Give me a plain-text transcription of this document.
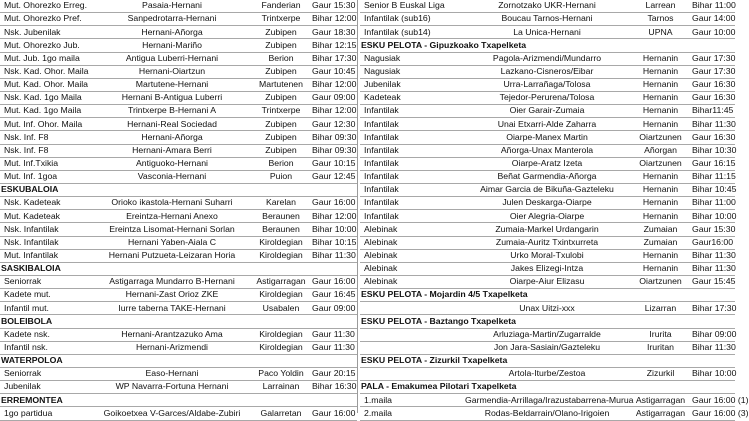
Mut. Ohorezko Erreg.	Pasaia-Hernani	Fanderian	Gaur 15:30
Mut. Ohorezko Pref.	Sanpedrotarra-Hernani	Trintxerpe	Bihar 12:00
Nsk. Jubenilak	Hernani-Añorga	Zubipen	Gaur 18:30
Mut. Ohorezko Jub.	Hernani-Mariño	Zubipen	Bihar 12:15
Mut. Jub. 1go maila	Antigua Luberri-Hernani	Berion	Bihar 17:30
Nsk. Kad. Ohor. Maila	Hernani-Oiartzun	Zubipen	Gaur 10:45
Mut. Kad. Ohor. Maila	Martutene-Hernani	Martutenen	Bihar 12:00
Nsk. Kad. 1go Maila	Hernani B-Antigua Luberri	Zubipen	Gaur 09:00
Mut. Kad. 1go Maila	Trintxerpe B-Hernani A	Trintxerpe	Bihar 12:00
Mut. Inf. Ohor. Maila	Hernani-Real Sociedad	Zubipen	Gaur 12:30
Nsk. Inf. F8	Hernani-Añorga	Zubipen	Bihar 09:30
Nsk. Inf. F8	Hernani-Amara Berri	Zubipen	Bihar 09:30
Mut. Inf.Txikia	Antiguoko-Hernani	Berion	Gaur 10:15
Mut. Inf. 1goa	Vasconia-Hernani	Puion	Gaur 12:45
ESKUBALOIA			
Nsk. Kadeteak	Orioko ikastola-Hernani Suharri	Karelan	Gaur 16:00
Mut. Kadeteak	Ereintza-Hernani Anexo	Beraunen	Bihar 12:00
Nsk. Infantilak	Ereintza Lisomat-Hernani Sorlan	Beraunen	Bihar 10:00
Nsk. Infantilak	Hernani Yaben-Aiala C	Kiroldegian	Bihar 10:15
Mut. Infantilak	Hernani Putzueta-Leizaran Horia	Kiroldegian	Bihar 11:30
SASKIBALOIA			
Seniorrak	Astigarraga Mundarro B-Hernani	Astigarragan	Gaur 16:00
Kadete mut.	Hernani-Zast Orioz ZKE	Kiroldegian	Gaur 16:45
Infantil mut.	Iurre taberna TAKE-Hernani	Usabalen	Gaur 09:00
BOLEIBOLA			
Kadete nsk.	Hernani-Arantzazuko Ama	Kiroldegian	Gaur 11:30
Infantil nsk.	Hernani-Arizmendi	Kiroldegian	Gaur 11:30
WATERPOLOA			
Seniorrak	Easo-Hernani	Paco Yoldin	Gaur 20:15
Jubenilak	WP Navarra-Fortuna Hernani	Larrainan	Bihar 16:30
ERREMONTEA			
1go partidua	Goikoetxea V-Garces/Aldabe-Zubiri	Galarretan	Gaur 16:00
Senior B Euskal Liga	Zornotzako UKR-Hernani	Larrean	Bihar 11:00
Infantilak (sub16)	Boucau Tarnos-Hernani	Tarnos	Gaur 14:00
Infantilak (sub14)	La Unica-Hernani	UPNA	Gaur 10:00
ESKU PELOTA - Gipuzkoako Txapelketa			
Nagusiak	Pagola-Arizmendi/Mundarro	Hernanin	Gaur 17:30
Nagusiak	Lazkano-Cisneros/Eibar	Hernanin	Gaur 17:30
Jubenilak	Urra-Larrañaga/Tolosa	Hernanin	Gaur 16:30
Kadeteak	Tejedor-Perurena/Tolosa	Hernanin	Gaur 16:30
Infantilak	Oier Garair-Zumaia	Hernanin	Bihar11:45
Infantilak	Unai Etxarri-Alde Zaharra	Hernanin	Bihar 11:30
Infantilak	Oiarpe-Manex Martin	Oiartzunen	Gaur 16:30
Infantilak	Añorga-Unax Manterola	Añorgan	Bihar 10:30
Infantilak	Oiarpe-Aratz Izeta	Oiartzunen	Gaur 16:15
Infantilak	Beñat Garmendia-Añorga	Hernanin	Bihar 11:15
Infantilak	Aimar Garcia de Bikuña-Gazteleku	Hernanin	Bihar 10:45
Infantilak	Julen Deskarga-Oiarpe	Hernanin	Bihar 11:00
Infantilak	Oier Alegria-Oiarpe	Hernanin	Bihar 10:00
Alebinak	Zumaia-Markel Urdangarin	Zumaian	Gaur 15:30
Alebinak	Zumaia-Auritz Txintxurreta	Zumaian	Gaur16:00
Alebinak	Urko Moral-Txulobi	Hernanin	Bihar 11:30
Alebinak	Jakes Elizegi-Intza	Hernanin	Bihar 11:30
Alebinak	Oiarpe-Aiur Elizasu	Oiartzunen	Gaur 15:45
ESKU PELOTA - Mojardin 4/5 Txapelketa			
	Unax Uitzi-xxx	Lizarran	Bihar 17:30
ESKU PELOTA - Baztango Txapelketa			
	Arluziaga-Martin/Zugarralde	Irurita	Bihar 09:00
	Jon Jara-Sasiain/Gazteleku	Iruritan	Bihar 11:30
ESKU PELOTA - Zizurkil Txapelketa			
	Artola-Iturbe/Zestoa	Zizurkil	Bihar 10:00
PALA - Emakumea Pilotari Txapelketa			
1.maila	Garmendia-Arrillaga/Irazustabarrena-Murua	Astigarragan	Gaur 16:00 (1)
2.maila	Rodas-Beldarrain/Olano-Irigoien	Astigarragan	Gaur 16:00 (3)
